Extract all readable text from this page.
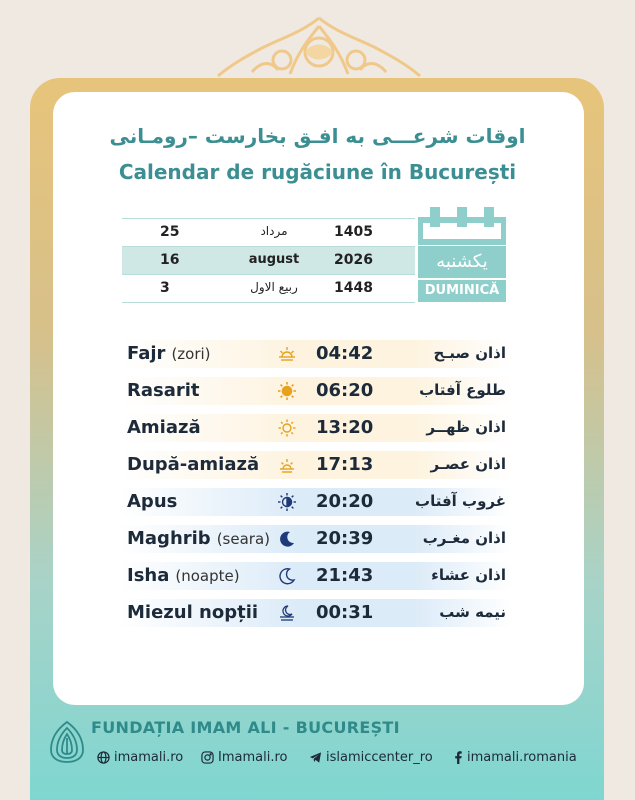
اوقات شرعـــی به افـق بخارست –رومـانی
Calendar de rugăciune în București
25	مرداد	1405
16	august	2026
3	ربیع الاول	1448
یکشنبه
DUMINICĂ
Fajr (zori)	04:42	اذان صبـح
Rasarit	06:20	طلوع آفتاب
Amiază	13:20	اذان ظهــر
După-amiază	17:13	اذان عصـر
Apus	20:20	غروب آفتاب
Maghrib (seara)	20:39	اذان مغـرب
Isha (noapte)	21:43	اذان عشاء
Miezul nopții	00:31	نیمه شب
FUNDAȚIA IMAM ALI - BUCUREȘTI
imamali.ro	Imamali.ro	islamiccenter_ro	imamali.romania
